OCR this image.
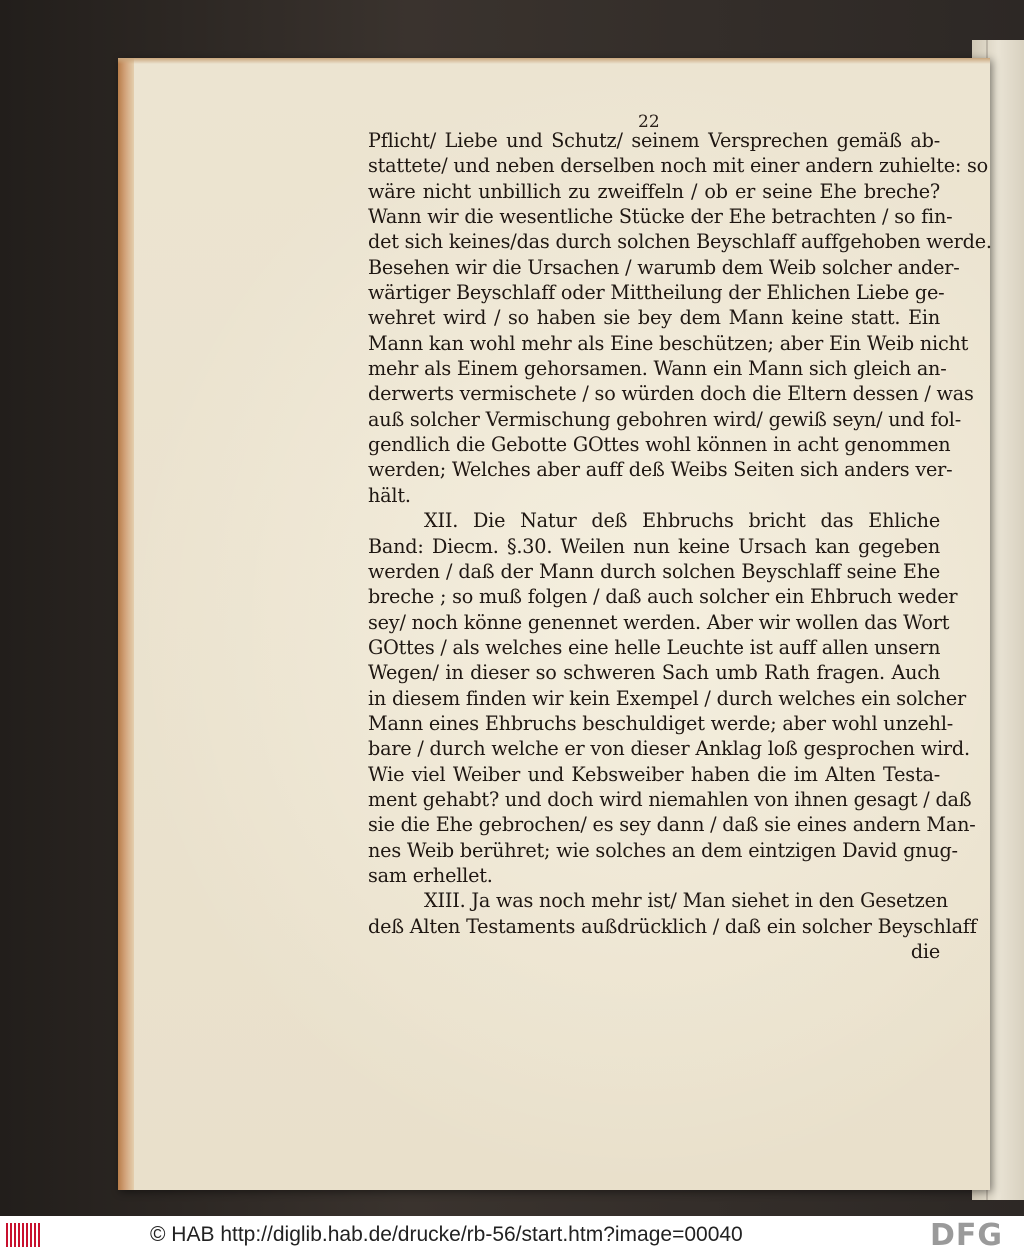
22
Pflicht/ Liebe und Schutz/ seinem Versprechen gemäß ab-
stattete/ und neben derselben noch mit einer andern zuhielte: so
wäre nicht unbillich zu zweiffeln / ob er seine Ehe breche?
Wann wir die wesentliche Stücke der Ehe betrachten / so fin-
det sich keines/das durch solchen Beyschlaff auffgehoben werde.
Besehen wir die Ursachen / warumb dem Weib solcher ander-
wärtiger Beyschlaff oder Mittheilung der Ehlichen Liebe ge-
wehret wird / so haben sie bey dem Mann keine statt. Ein
Mann kan wohl mehr als Eine beschützen; aber Ein Weib nicht
mehr als Einem gehorsamen. Wann ein Mann sich gleich an-
derwerts vermischete / so würden doch die Eltern dessen / was
auß solcher Vermischung gebohren wird/ gewiß seyn/ und fol-
gendlich die Gebotte GOttes wohl können in acht genommen
werden; Welches aber auff deß Weibs Seiten sich anders ver-
hält.
XII. Die Natur deß Ehbruchs bricht das Ehliche
Band: Diecm. §.30. Weilen nun keine Ursach kan gegeben
werden / daß der Mann durch solchen Beyschlaff seine Ehe
breche ; so muß folgen / daß auch solcher ein Ehbruch weder
sey/ noch könne genennet werden. Aber wir wollen das Wort
GOttes / als welches eine helle Leuchte ist auff allen unsern
Wegen/ in dieser so schweren Sach umb Rath fragen. Auch
in diesem finden wir kein Exempel / durch welches ein solcher
Mann eines Ehbruchs beschuldiget werde; aber wohl unzehl-
bare / durch welche er von dieser Anklag loß gesprochen wird.
Wie viel Weiber und Kebsweiber haben die im Alten Testa-
ment gehabt? und doch wird niemahlen von ihnen gesagt / daß
sie die Ehe gebrochen/ es sey dann / daß sie eines andern Man-
nes Weib berühret; wie solches an dem eintzigen David gnug-
sam erhellet.
XIII. Ja was noch mehr ist/ Man siehet in den Gesetzen
deß Alten Testaments außdrücklich / daß ein solcher Beyschlaff
die
© HAB http://diglib.hab.de/drucke/rb-56/start.htm?image=00040	DFG
